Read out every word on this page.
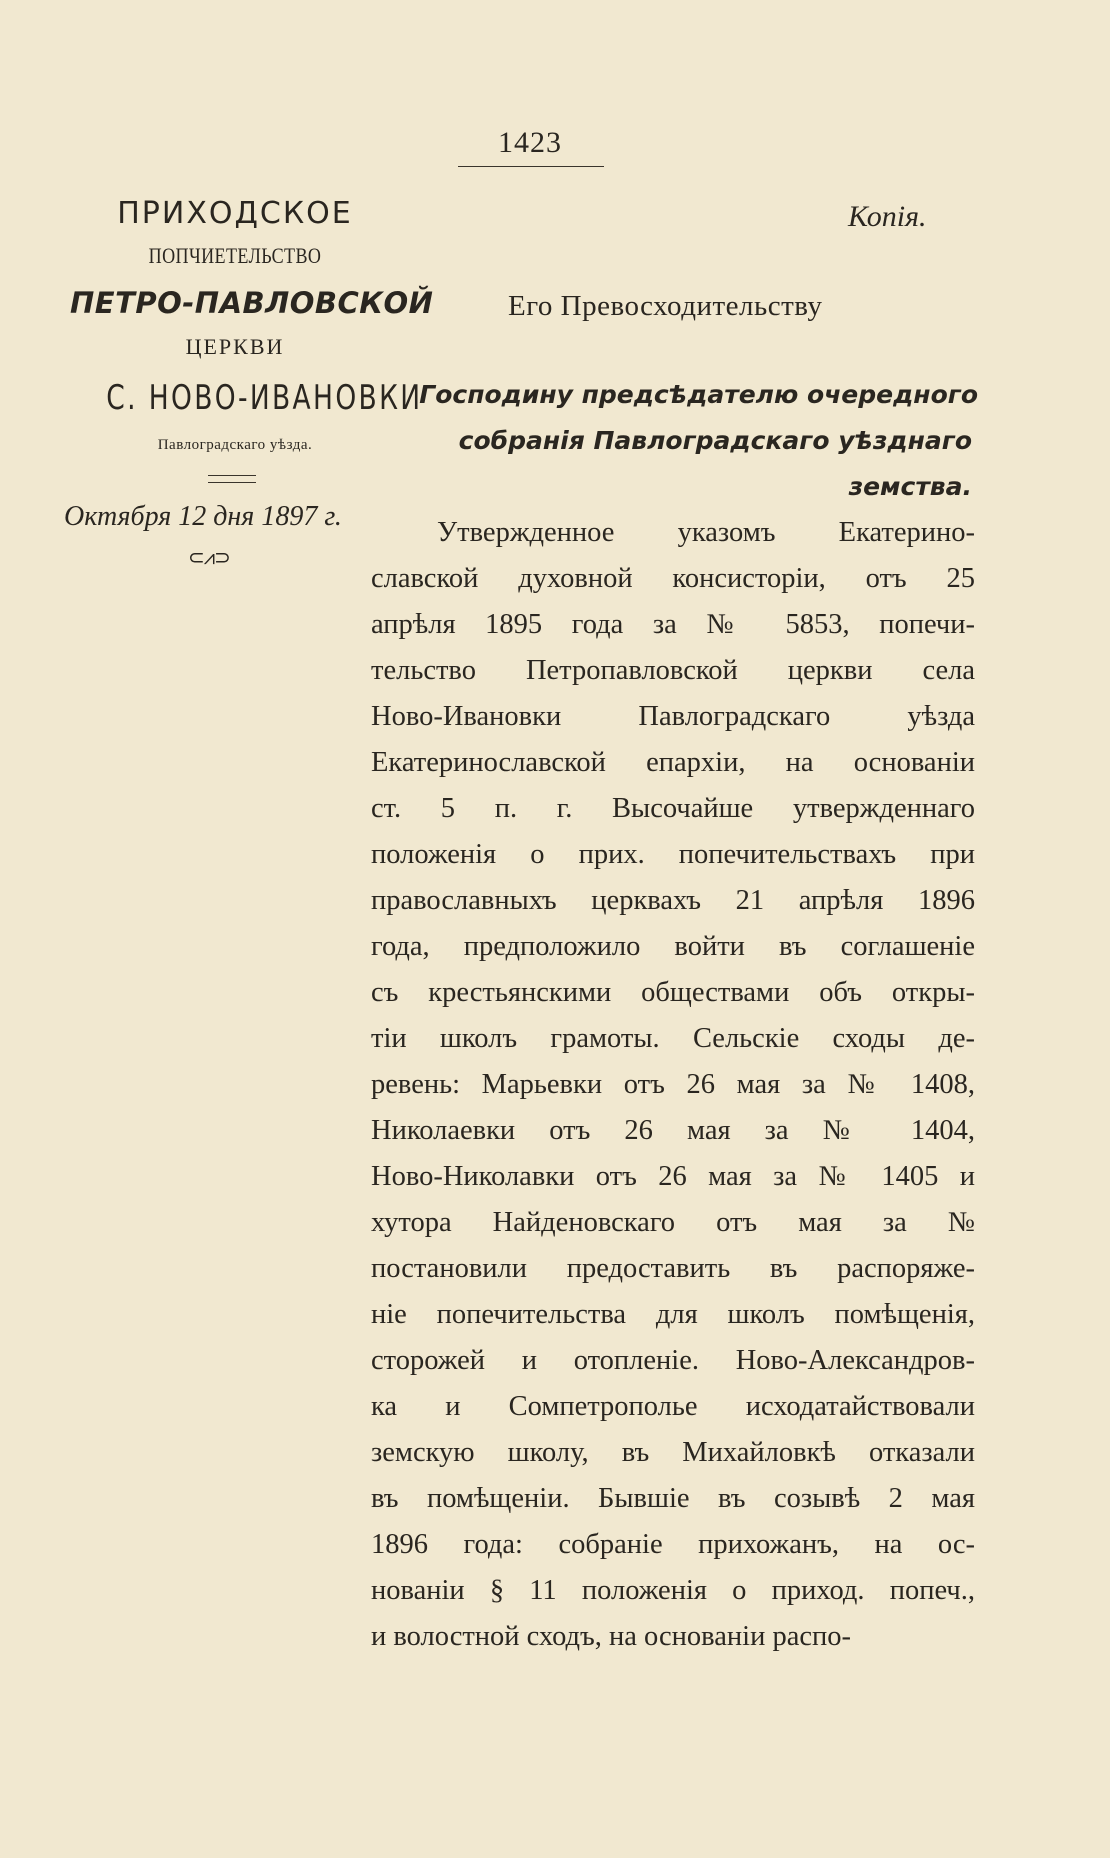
1423
ПРИХОДСКОЕ
ПОПЧИЕТЕЛЬСТВО
ПЕТРО-ПАВЛОВСКОЙ
ЦЕРКВИ
С. НОВО-ИВАНОВКИ
Павлоградскаго уѣзда.
Октября 12 дня 1897 г.
⊂⩘⊃
Копія.
Его Превосходительству
Господину предсѣдателю очередного
собранія Павлоградскаго уѣзднаго земства.
Утвержденное указомъ Екатерино-
славской духовной консисторіи, отъ 25
апрѣля 1895 года за № 5853, попечи-
тельство Петропавловской церкви села
Ново-Ивановки Павлоградскаго уѣзда
Екатеринославской епархіи, на основаніи
ст. 5 п. г. Высочайше утвержденнаго
положенія о прих. попечительствахъ при
православныхъ церквахъ 21 апрѣля 1896
года, предположило войти въ соглашеніе
съ крестьянскими обществами объ откры-
тіи школъ грамоты. Сельскіе сходы де-
ревень: Марьевки отъ 26 мая за № 1408,
Николаевки отъ 26 мая за № 1404,
Ново-Николавки отъ 26 мая за № 1405 и
хутора Найденовскаго отъ мая за №
постановили предоставить въ распоряже-
ніе попечительства для школъ помѣщенія,
сторожей и отопленіе. Ново-Александров-
ка и Сомпетрополье исходатайствовали
земскую школу, въ Михайловкѣ отказали
въ помѣщеніи. Бывшіе въ созывѣ 2 мая
1896 года: собраніе прихожанъ, на ос-
нованіи § 11 положенія о приход. попеч.,
и волостной сходъ, на основаніи распо-
